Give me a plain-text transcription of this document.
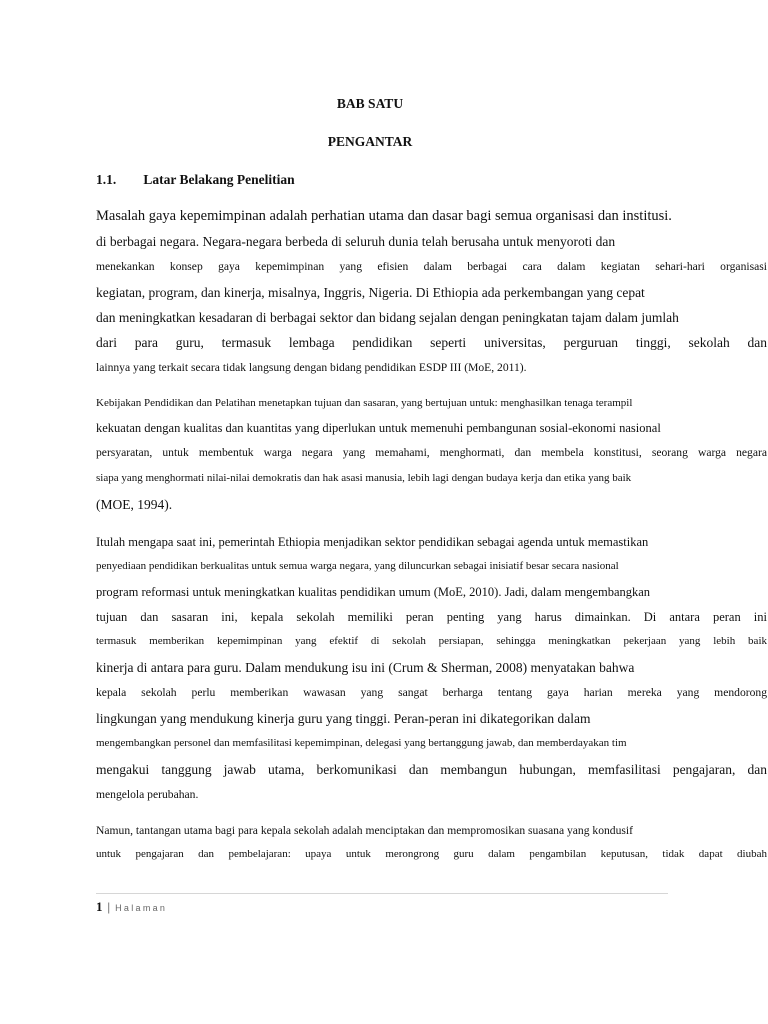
BAB SATU
PENGANTAR
1.1. Latar Belakang Penelitian
Masalah gaya kepemimpinan adalah perhatian utama dan dasar bagi semua organisasi dan institusi.
di berbagai negara. Negara-negara berbeda di seluruh dunia telah berusaha untuk menyoroti dan
menekankan konsep gaya kepemimpinan yang efisien dalam berbagai cara dalam kegiatan sehari-hari organisasi
kegiatan, program, dan kinerja, misalnya, Inggris, Nigeria. Di Ethiopia ada perkembangan yang cepat
dan meningkatkan kesadaran di berbagai sektor dan bidang sejalan dengan peningkatan tajam dalam jumlah
dari para guru, termasuk lembaga pendidikan seperti universitas, perguruan tinggi, sekolah dan
lainnya yang terkait secara tidak langsung dengan bidang pendidikan ESDP III (MoE, 2011).
Kebijakan Pendidikan dan Pelatihan menetapkan tujuan dan sasaran, yang bertujuan untuk: menghasilkan tenaga terampil
kekuatan dengan kualitas dan kuantitas yang diperlukan untuk memenuhi pembangunan sosial-ekonomi nasional
persyaratan, untuk membentuk warga negara yang memahami, menghormati, dan membela konstitusi, seorang warga negara
siapa yang menghormati nilai-nilai demokratis dan hak asasi manusia, lebih lagi dengan budaya kerja dan etika yang baik
(MOE, 1994).
Itulah mengapa saat ini, pemerintah Ethiopia menjadikan sektor pendidikan sebagai agenda untuk memastikan
penyediaan pendidikan berkualitas untuk semua warga negara, yang diluncurkan sebagai inisiatif besar secara nasional
program reformasi untuk meningkatkan kualitas pendidikan umum (MoE, 2010). Jadi, dalam mengembangkan
tujuan dan sasaran ini, kepala sekolah memiliki peran penting yang harus dimainkan. Di antara peran ini
termasuk memberikan kepemimpinan yang efektif di sekolah persiapan, sehingga meningkatkan pekerjaan yang lebih baik
kinerja di antara para guru. Dalam mendukung isu ini (Crum & Sherman, 2008) menyatakan bahwa
kepala sekolah perlu memberikan wawasan yang sangat berharga tentang gaya harian mereka yang mendorong
lingkungan yang mendukung kinerja guru yang tinggi. Peran-peran ini dikategorikan dalam
mengembangkan personel dan memfasilitasi kepemimpinan, delegasi yang bertanggung jawab, dan memberdayakan tim
mengakui tanggung jawab utama, berkomunikasi dan membangun hubungan, memfasilitasi pengajaran, dan
mengelola perubahan.
Namun, tantangan utama bagi para kepala sekolah adalah menciptakan dan mempromosikan suasana yang kondusif
untuk pengajaran dan pembelajaran: upaya untuk merongrong guru dalam pengambilan keputusan, tidak dapat diubah
1 | Halaman
